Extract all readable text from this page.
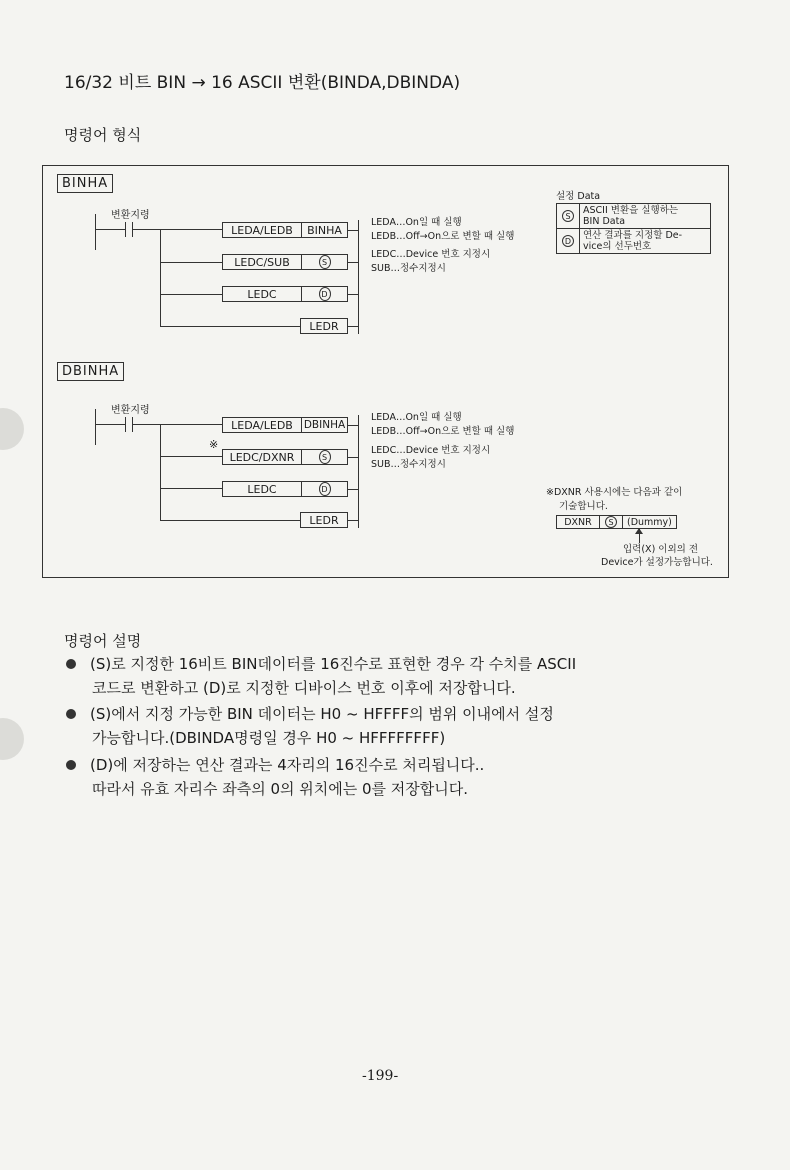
16/32 비트 BIN → 16 ASCII 변환(BINDA,DBINDA)
명령어 형식
BINHA
변환지령
LEDA/LEDB	BINHA
LEDC/SUB	S
LEDC	D
LEDR
LEDA…On일 때 실행
LEDB…Off→On으로 변할 때 실행
LEDC…Device 번호 지정시
SUB…정수지정시
설정 Data
S	ASCII 변환을 실행하는
BIN Data
D	연산 결과를 지정할 De-
vice의 선두번호
DBINHA
변환지령
※
LEDA/LEDB	DBINHA
LEDC/DXNR	S
LEDC	D
LEDR
LEDA…On일 때 실행
LEDB…Off→On으로 변할 때 실행
LEDC…Device 번호 지정시
SUB…정수지정시
※DXNR 사용시에는 다음과 같이
기술합니다.
DXNR	S	(Dummy)
입력(X) 이외의 전
Device가 설정가능합니다.
명령어 설명
(S)로 지정한 16비트 BIN데이터를 16진수로 표현한 경우 각 수치를 ASCII
코드로 변환하고 (D)로 지정한 디바이스 번호 이후에 저장합니다.
(S)에서 지정 가능한 BIN 데이터는 H0 ~ HFFFF의 범위 이내에서 설정
가능합니다.(DBINDA명령일 경우 H0 ~ HFFFFFFFF)
(D)에 저장하는 연산 결과는 4자리의 16진수로 처리됩니다..
따라서 유효 자리수 좌측의 0의 위치에는 0를 저장합니다.
-199-
